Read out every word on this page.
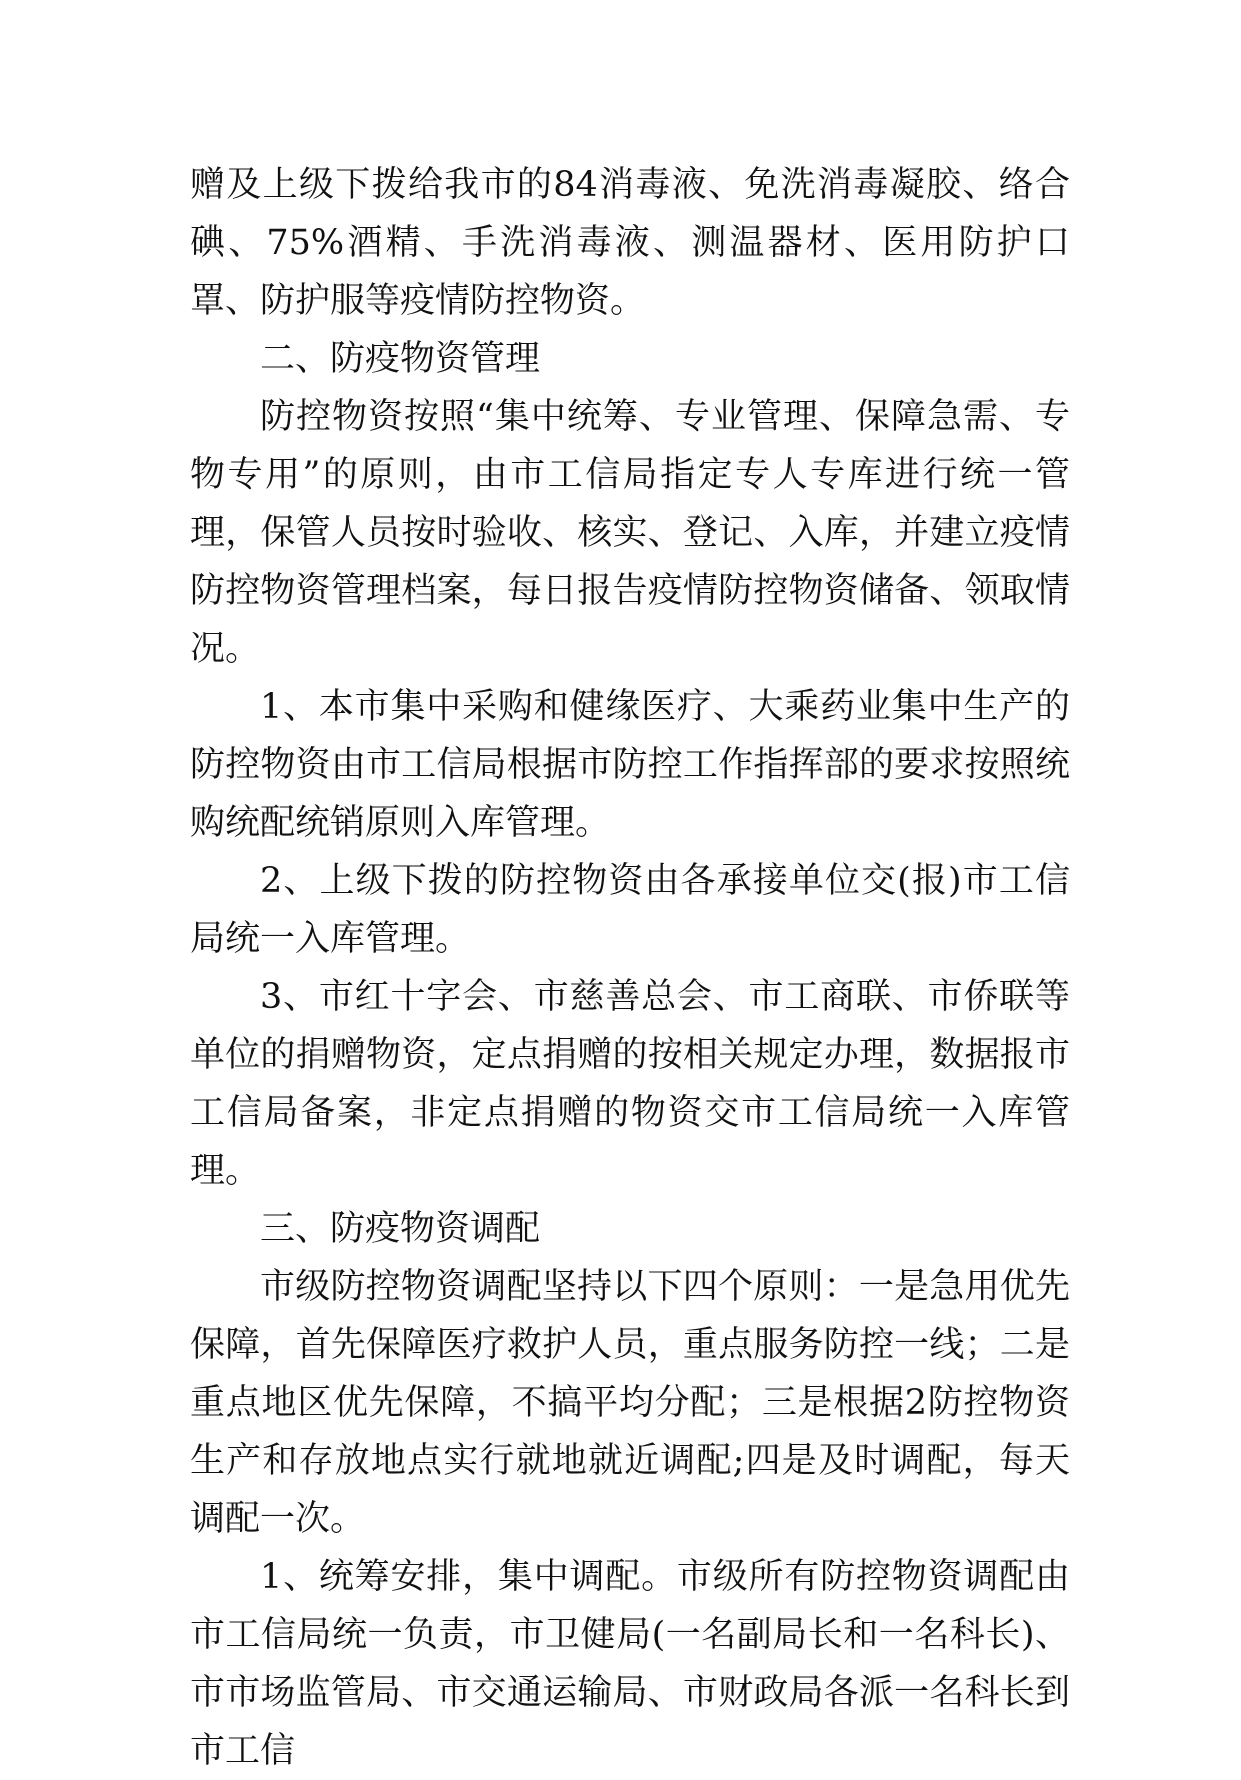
赠及上级下拨给我市的84消毒液、免洗消毒凝胶、络合碘、75%酒精、手洗消毒液、测温器材、医用防护口罩、防护服等疫情防控物资。

二、防疫物资管理

防控物资按照“集中统筹、专业管理、保障急需、专物专用”的原则，由市工信局指定专人专库进行统一管理，保管人员按时验收、核实、登记、入库，并建立疫情防控物资管理档案，每日报告疫情防控物资储备、领取情况。

1、本市集中采购和健缘医疗、大乘药业集中生产的防控物资由市工信局根据市防控工作指挥部的要求按照统购统配统销原则入库管理。

2、上级下拨的防控物资由各承接单位交(报)市工信局统一入库管理。

3、市红十字会、市慈善总会、市工商联、市侨联等单位的捐赠物资，定点捐赠的按相关规定办理，数据报市工信局备案，非定点捐赠的物资交市工信局统一入库管理。

三、防疫物资调配

市级防控物资调配坚持以下四个原则：一是急用优先保障，首先保障医疗救护人员，重点服务防控一线；二是重点地区优先保障，不搞平均分配；三是根据2防控物资生产和存放地点实行就地就近调配;四是及时调配，每天调配一次。

1、统筹安排，集中调配。市级所有防控物资调配由市工信局统一负责，市卫健局(一名副局长和一名科长)、市市场监管局、市交通运输局、市财政局各派一名科长到市工信
